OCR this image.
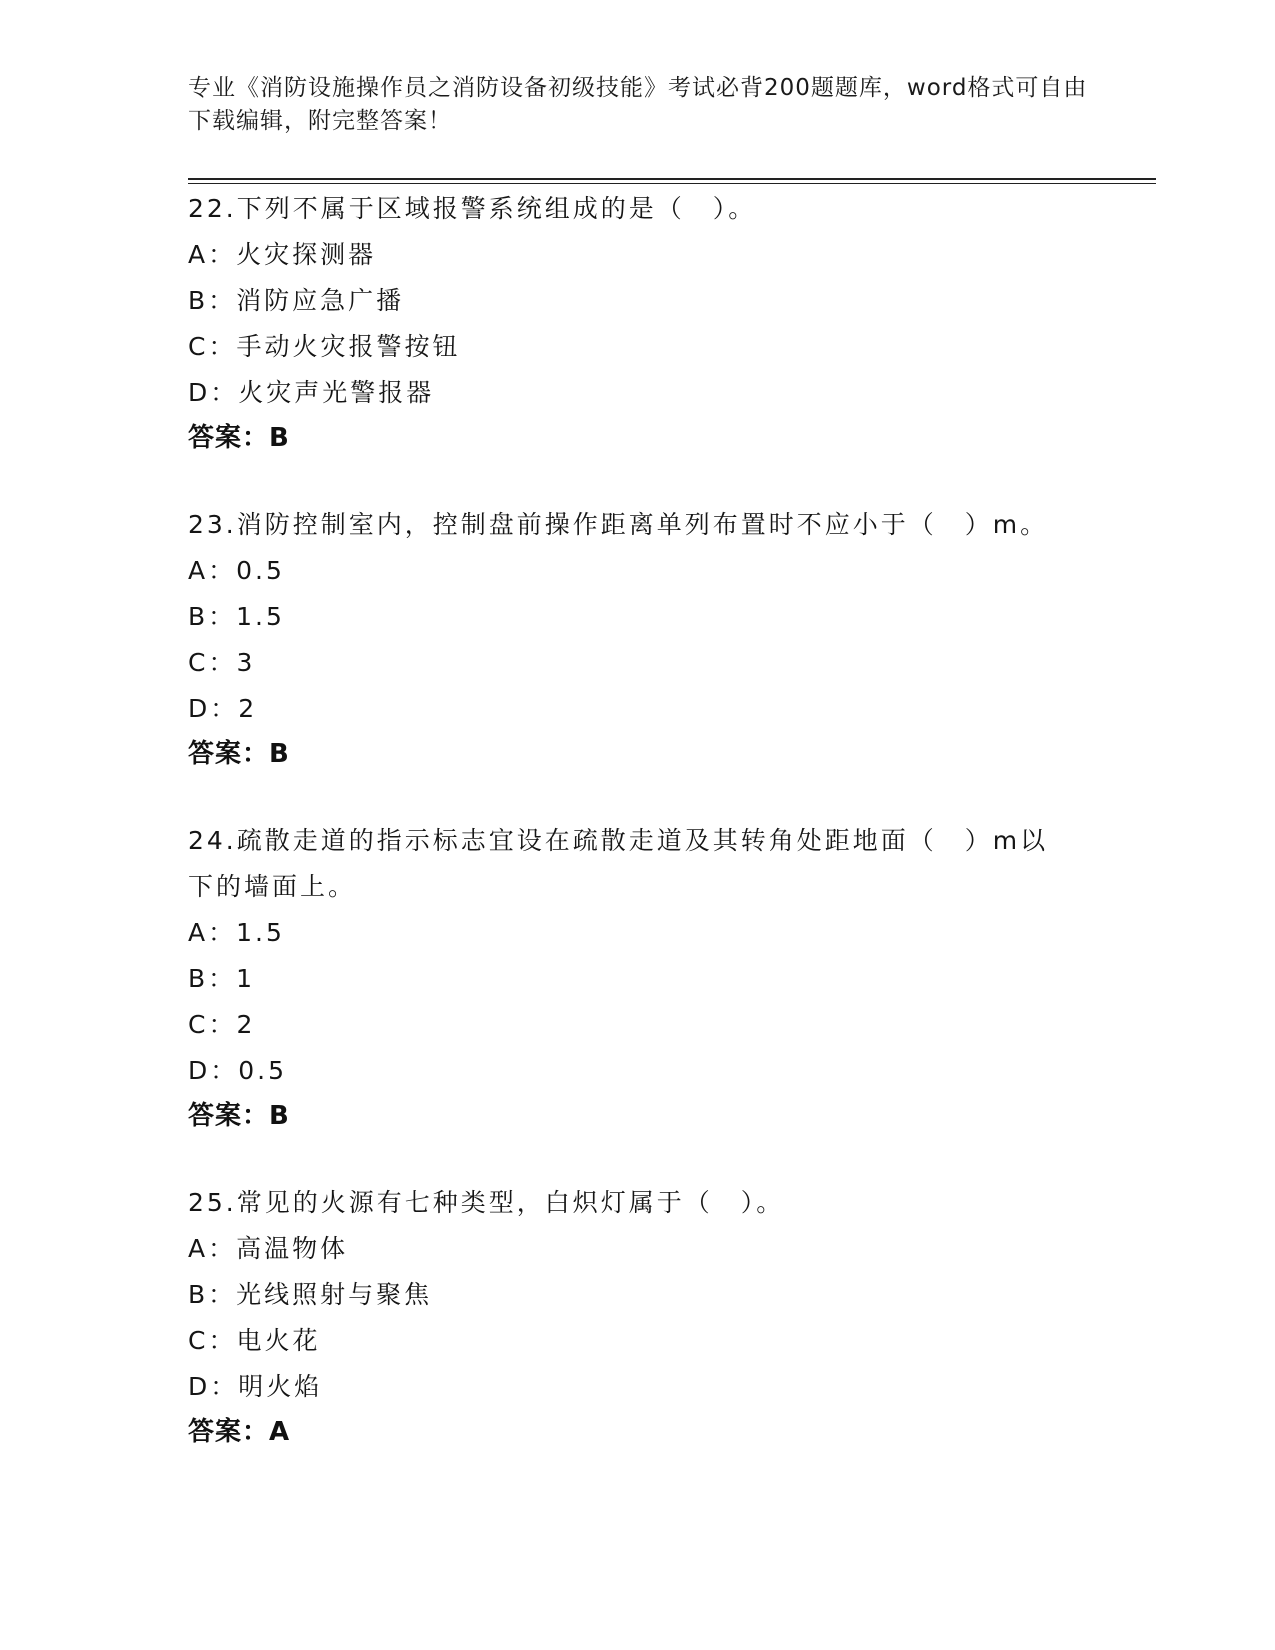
专业《消防设施操作员之消防设备初级技能》考试必背200题题库，word格式可自由下载编辑，附完整答案！
22.下列不属于区域报警系统组成的是（　）。
A：火灾探测器
B：消防应急广播
C：手动火灾报警按钮
D：火灾声光警报器
答案：B
23.消防控制室内，控制盘前操作距离单列布置时不应小于（　）m。
A：0.5
B：1.5
C：3
D：2
答案：B
24.疏散走道的指示标志宜设在疏散走道及其转角处距地面（　）m以下的墙面上。
A：1.5
B：1
C：2
D：0.5
答案：B
25.常见的火源有七种类型，白炽灯属于（　）。
A：高温物体
B：光线照射与聚焦
C：电火花
D：明火焰
答案：A
